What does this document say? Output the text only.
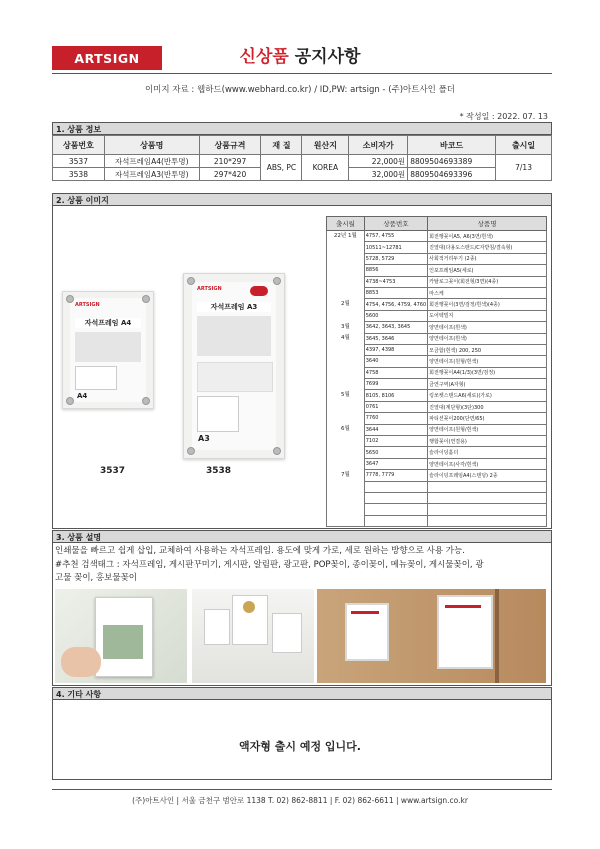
ARTSIGN	신상품 공지사항
이미지 자료 : 웹하드(www.webhard.co.kr) / ID,PW: artsign - (주)아트사인 폴더
* 작성일 : 2022. 07. 13
1. 상품 정보
상품번호	상품명	상품규격	재 질	원산지	소비자가	바코드	출시일
3537	자석프레임A4(반투명)	210*297	ABS, PC	KOREA	22,000원	8809504693389	7/13
3538	자석프레임A3(반투명)	297*420			32,000원	8809504693396	
2. 상품 이미지
ARTSIGN
자석프레임 A4
A4
ARTSIGN
자석프레임 A3
A3
3537	3538
출시월	상품번호	상품명
22년 1월	4757, 4755	회전행꽂이A5, A6(3면/흰색)
	10511~12781	진열대(다용도스탠드/C자받침/결속형)
	5728, 5729	사회적거리두기 (2종)
	8856	인포프레임A5(세로)
	4738~4753	카탈로그꽂이(회전형/3면)(4종)
	8853	마스케
2월	4754, 4756, 4759, 4760	회전행꽂이(3면/검정/흰색)(4종)
	5600	도어텍빌지
3월	3642, 3643, 3645	양면테이프(흰색)
4월	3645, 3646	양면테이프(흰색)
	4397, 4398	모금함(흰색) 200, 250
	3640	양면테이프(원형/흰색)
	4758	회전행꽂이A4(1/3)(3면/검정)
	7699	금연구역(A자형)
5월	8105, 8106	링쏘켓스탠드A6(세로)(가로)
	0761	진열대(계단형)(3단)300
	7760	파티션꽂이200(단면/65)
6월	3644	양면테이프(원형/흰색)
	7102	행합꽂이(연결용)
	5650	슬라이딩홀더
	3647	양면테이프(사각/흰색)
7월	7778, 7779	슬라이딩프레임A4(스탠딩) 2종

3. 상품 설명
인쇄물을 빠르고 쉽게 삽입, 교체하여 사용하는 자석프레임. 용도에 맞게 가로, 세로 원하는 방향으로 사용 가능.
#추천 검색태그 : 자석프레임, 게시판꾸미기, 게시판, 알림판, 광고판, POP꽂이, 종이꽂이, 메뉴꽂이, 게시물꽂이, 광
고물 꽂이, 홍보물꽂이
4. 기타 사항
액자형 출시 예정 입니다.
(주)아트사인 | 서울 금천구 범안로 1138 T. 02) 862-8811 | F. 02) 862-6611 | www.artsign.co.kr
